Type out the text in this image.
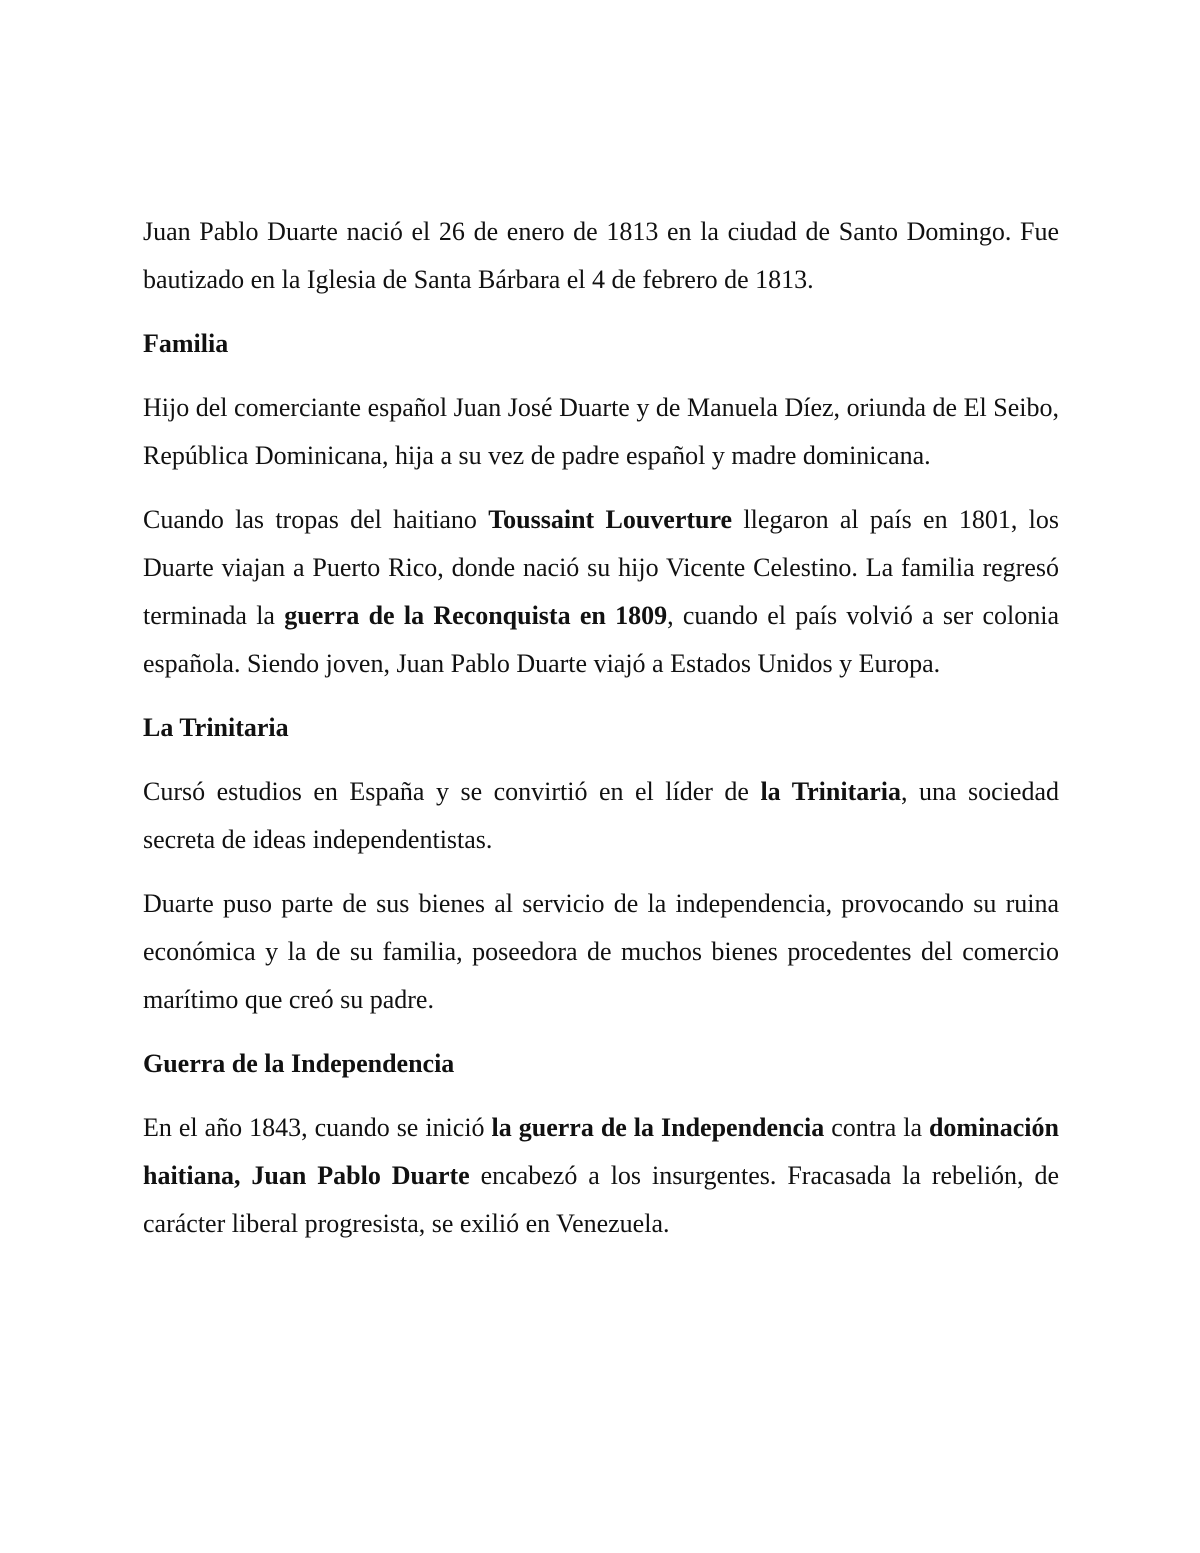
Juan Pablo Duarte nació el 26 de enero de 1813 en la ciudad de Santo Domingo. Fue bautizado en la Iglesia de Santa Bárbara el 4 de febrero de 1813.

Familia

Hijo del comerciante español Juan José Duarte y de Manuela Díez, oriunda de El Seibo, República Dominicana, hija a su vez de padre español y madre dominicana.

Cuando las tropas del haitiano Toussaint Louverture llegaron al país en 1801, los Duarte viajan a Puerto Rico, donde nació su hijo Vicente Celestino. La familia regresó terminada la guerra de la Reconquista en 1809, cuando el país volvió a ser colonia española. Siendo joven, Juan Pablo Duarte viajó a Estados Unidos y Europa.

La Trinitaria

Cursó estudios en España y se convirtió en el líder de la Trinitaria, una sociedad secreta de ideas independentistas.

Duarte puso parte de sus bienes al servicio de la independencia, provocando su ruina económica y la de su familia, poseedora de muchos bienes procedentes del comercio marítimo que creó su padre.

Guerra de la Independencia

En el año 1843, cuando se inició la guerra de la Independencia contra la dominación haitiana, Juan Pablo Duarte encabezó a los insurgentes. Fracasada la rebelión, de carácter liberal progresista, se exilió en Venezuela.
